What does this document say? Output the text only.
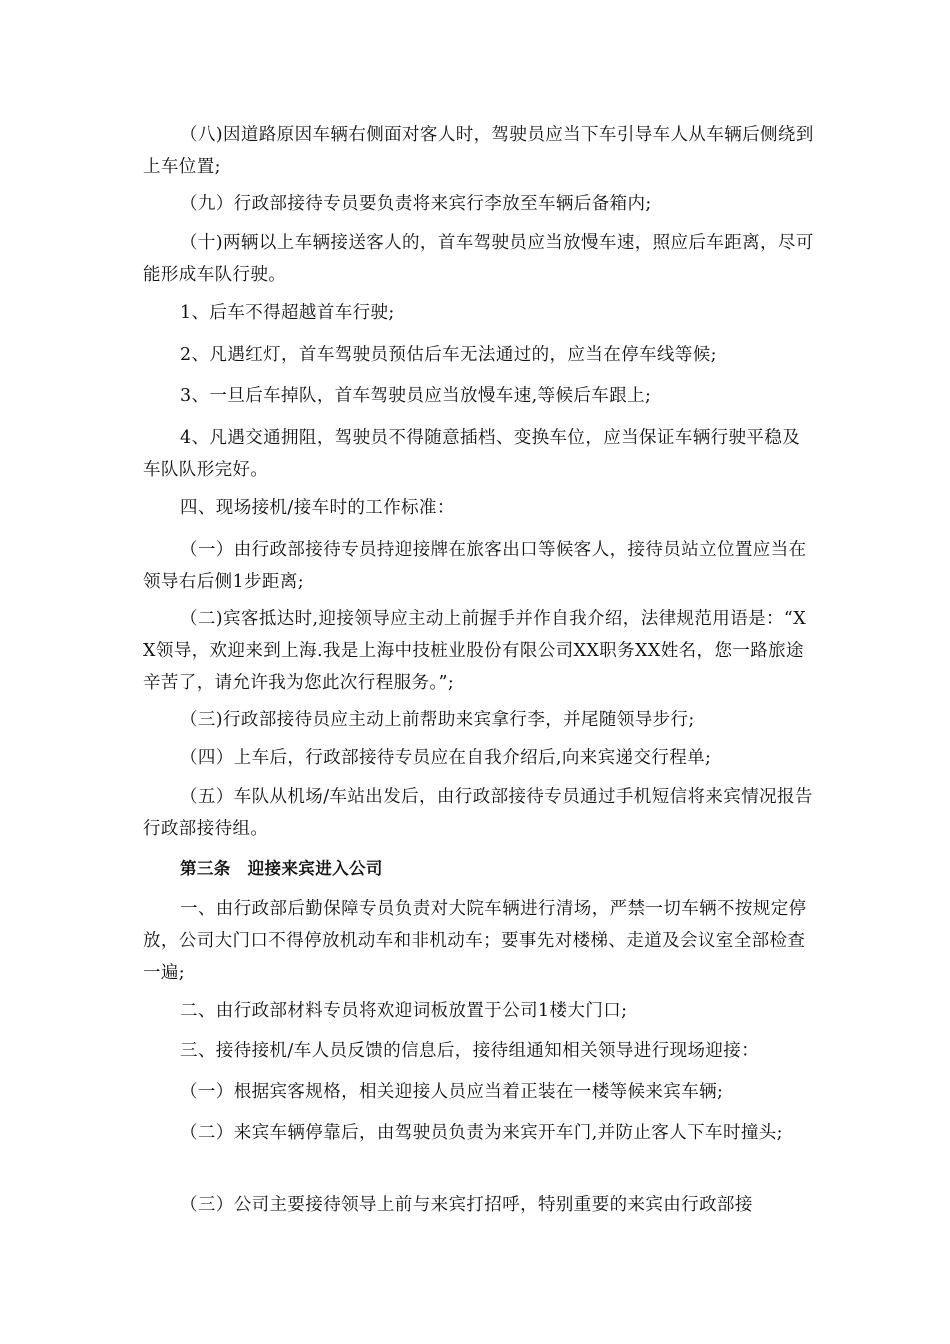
（八)因道路原因车辆右侧面对客人时，驾驶员应当下车引导车人从车辆后侧绕到上车位置;

（九）行政部接待专员要负责将来宾行李放至车辆后备箱内;

（十)两辆以上车辆接送客人的，首车驾驶员应当放慢车速，照应后车距离，尽可能形成车队行驶。

1、后车不得超越首车行驶;

2、凡遇红灯，首车驾驶员预估后车无法通过的，应当在停车线等候;

3、一旦后车掉队，首车驾驶员应当放慢车速,等候后车跟上;

4、凡遇交通拥阻，驾驶员不得随意插档、变换车位，应当保证车辆行驶平稳及车队队形完好。

四、现场接机/接车时的工作标准：

（一）由行政部接待专员持迎接牌在旅客出口等候客人，接待员站立位置应当在领导右后侧1步距离;

（二)宾客抵达时,迎接领导应主动上前握手并作自我介绍，法律规范用语是：“XX领导，欢迎来到上海.我是上海中技桩业股份有限公司XX职务XX姓名，您一路旅途辛苦了，请允许我为您此次行程服务。”;

（三)行政部接待员应主动上前帮助来宾拿行李，并尾随领导步行;

（四）上车后，行政部接待专员应在自我介绍后,向来宾递交行程单;

（五）车队从机场/车站出发后，由行政部接待专员通过手机短信将来宾情况报告行政部接待组。

第三条　迎接来宾进入公司

一、由行政部后勤保障专员负责对大院车辆进行清场，严禁一切车辆不按规定停放，公司大门口不得停放机动车和非机动车；要事先对楼梯、走道及会议室全部检查一遍;

二、由行政部材料专员将欢迎词板放置于公司1楼大门口;

三、接待接机/车人员反馈的信息后，接待组通知相关领导进行现场迎接：

（一）根据宾客规格，相关迎接人员应当着正装在一楼等候来宾车辆;

（二）来宾车辆停靠后，由驾驶员负责为来宾开车门,并防止客人下车时撞头;

（三）公司主要接待领导上前与来宾打招呼，特别重要的来宾由行政部接
